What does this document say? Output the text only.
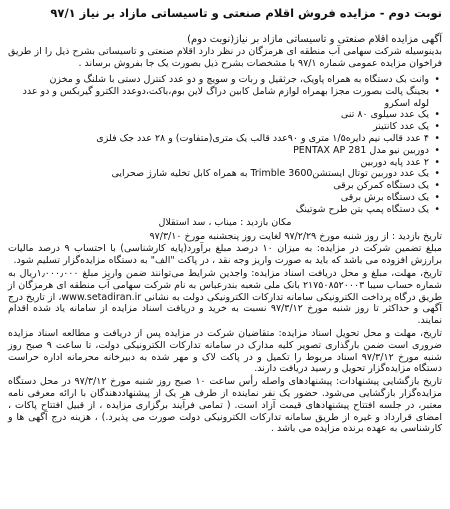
نوبت دوم - مزایده فروش اقلام صنعتی و تاسیساتی مازاد بر نیاز ۹۷/۱
آگهی مزایده اقلام صنعتی و تاسیساتی مازاد بر نیاز(نوبت دوم)
بدینوسیله شرکت سهامی آب منطقه ای هرمزگان در نظر دارد اقلام صنعتی و تاسیساتی بشرح ذیل را از طریق فراخوان مزایده عمومی شماره ۹۷/۱ با مشخصات بشرح ذیل بصورت یک جا بفروش برساند .
• وانت بک دستگاه به همراه پاویک، جرثقیل و ربات و سویچ و دو عدد کنترل دستی با شلنگ و مخزن
• بجینگ پالت بصورت مجزا بهمراه لوازم شامل کابین دراگ لاین بوم،باکت،دوعدد الکترو گیربکس و دو عدد لوله اسکرو
• یک عدد سیلوی ۸۰ تنی
• یک عدد کانتینر
• ۴ عدد قالب نیم دایره۱/۵ متری و ۹۰عدد قالب یک متری(متفاوت) و ۲۸ عدد جک فلزی
• دوربین نیو مدل PENTAX AP 281
• ۲ عدد پایه دوربین
• یک عدد دوربین توتال ایستشنTrimble 3600 به همراه کابل تخلیه شارژ صحرایی
• یک دستگاه کمرکن برقی
• یک دستگاه برش برقی
• یک دستگاه پمپ بتن طرح شوتینگ
مکان بازدید : میناب ، سد استقلال
تاریخ بازدید : از روز شنبه مورخ ۹۷/۲/۲۹ لغایت روز پنجشنبه مورخ ۹۷/۳/۱۰
مبلغ تضمین شرکت در مزایده: به میزان ۱۰ درصد مبلغ برآورد(پایه کارشناسی) با احتساب ۹ درصد مالیات برارزش افزوده می باشد که باید به صورت واریز وجه نقد ، در پاکت "الف" به دستگاه مزایده‌گزار تسلیم شود.
تاریخ، مهلت، مبلغ و محل دریافت اسناد مزایده: واجدین شرایط می‌توانند ضمن واریز مبلغ ۱٫۰۰۰٫۰۰۰ریال به شماره حساب سیبا ۲۱۷۵۰۸۵۲۰۰۰۳ بانک ملی شعبه بندرعباس به نام شرکت سهامی آب منطقه ای هرمزگان از طریق درگاه پرداخت الکترونیکی سامانه تدارکات الکترونیکی دولت به نشانی www.setadiran.ir، از تاریخ درج آگهی و حداکثر تا روز شنبه مورخ ۹۷/۳/۱۲ نسبت به خرید و دریافت اسناد مزایده از سامانه یاد شده اقدام نمایند.
تاریخ، مهلت و محل تحویل اسناد مزایده: متقاضیان شرکت در مزایده پس از دریافت و مطالعه اسناد مزایده ضروری است ضمن بارگذاری تصویر کلیه مدارک در سامانه تدارکات الکترونیکی دولت، تا ساعت ۹ صبح روز شنبه مورخ ۹۷/۳/۱۲ اسناد مربوط را تکمیل و در پاکت لاک و مهر شده به دبیرخانه محرمانه اداره حراست دستگاه مزایده‌گزار تحویل و رسید دریافت دارند.
تاریخ بازگشایی پیشنهادات: پیشنهادهای واصله رأس ساعت ۱۰ صبح روز شنبه مورخ ۹۷/۳/۱۲ در محل دستگاه مزایده‌گزار بازگشایی می‌شود. حضور یک نفر نماینده از طرف هر یک از پیشنهاددهندگان با ارائه معرفی نامه معتبر، در جلسه افتتاح پیشنهادهای قیمت آزاد است. ( تمامی فرآیند برگزاری مزایده ، از قبیل افتتاح پاکات ، امضای قرارداد و غیره از طریق سامانه تدارکات الکترونیکی دولت صورت می پذیرد.) ، هزینه درج آگهی ها و کارشناسی به عهده برنده مزایده می باشد .
